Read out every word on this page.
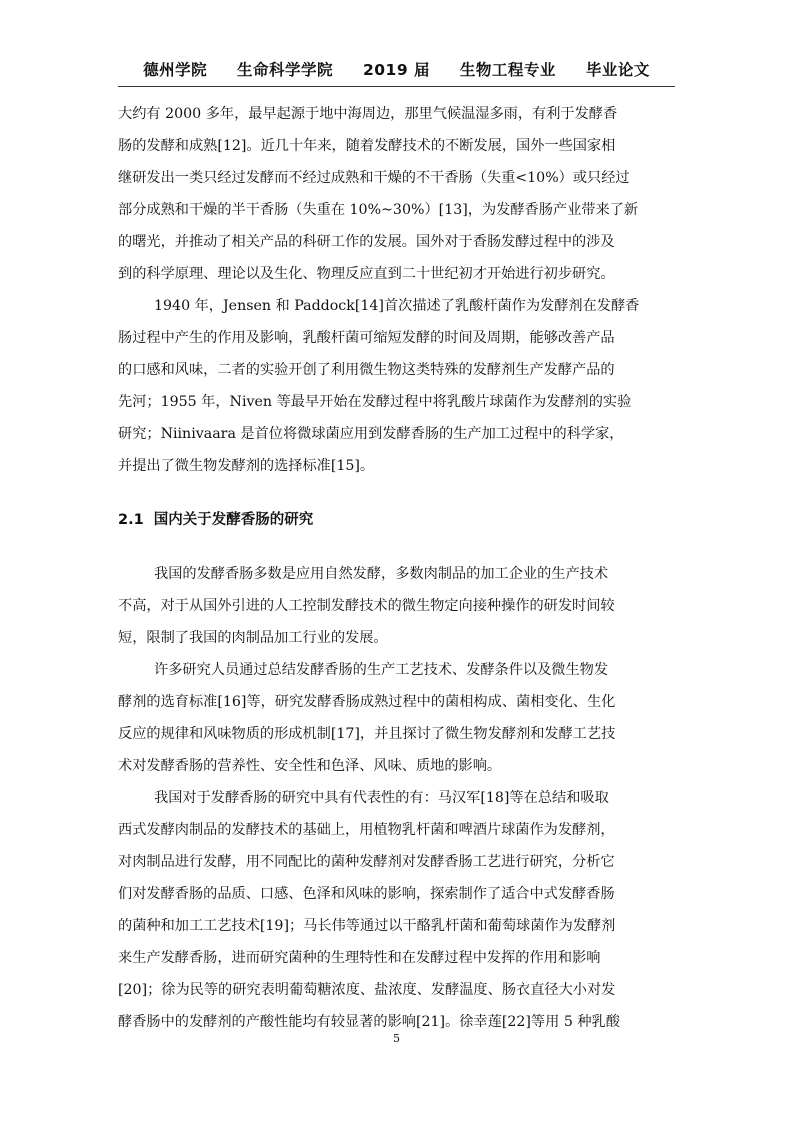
德州学院 生命科学学院 2019 届 生物工程专业 毕业论文

大约有 2000 多年，最早起源于地中海周边，那里气候温湿多雨，有利于发酵香
肠的发酵和成熟[12]。近几十年来，随着发酵技术的不断发展，国外一些国家相
继研发出一类只经过发酵而不经过成熟和干燥的不干香肠（失重<10%）或只经过
部分成熟和干燥的半干香肠（失重在 10%~30%）[13]，为发酵香肠产业带来了新
的曙光，并推动了相关产品的科研工作的发展。国外对于香肠发酵过程中的涉及
到的科学原理、理论以及生化、物理反应直到二十世纪初才开始进行初步研究。

1940 年，Jensen 和 Paddock[14]首次描述了乳酸杆菌作为发酵剂在发酵香
肠过程中产生的作用及影响，乳酸杆菌可缩短发酵的时间及周期，能够改善产品
的口感和风味，二者的实验开创了利用微生物这类特殊的发酵剂生产发酵产品的
先河；1955 年，Niven 等最早开始在发酵过程中将乳酸片球菌作为发酵剂的实验
研究；Niinivaara 是首位将微球菌应用到发酵香肠的生产加工过程中的科学家，
并提出了微生物发酵剂的选择标准[15]。

2.1 国内关于发酵香肠的研究

我国的发酵香肠多数是应用自然发酵，多数肉制品的加工企业的生产技术
不高，对于从国外引进的人工控制发酵技术的微生物定向接种操作的研发时间较
短，限制了我国的肉制品加工行业的发展。

许多研究人员通过总结发酵香肠的生产工艺技术、发酵条件以及微生物发
酵剂的选育标准[16]等，研究发酵香肠成熟过程中的菌相构成、菌相变化、生化
反应的规律和风味物质的形成机制[17]，并且探讨了微生物发酵剂和发酵工艺技
术对发酵香肠的营养性、安全性和色泽、风味、质地的影响。

我国对于发酵香肠的研究中具有代表性的有：马汉军[18]等在总结和吸取
西式发酵肉制品的发酵技术的基础上，用植物乳杆菌和啤酒片球菌作为发酵剂，
对肉制品进行发酵，用不同配比的菌种发酵剂对发酵香肠工艺进行研究，分析它
们对发酵香肠的品质、口感、色泽和风味的影响，探索制作了适合中式发酵香肠
的菌种和加工工艺技术[19]；马长伟等通过以干酪乳杆菌和葡萄球菌作为发酵剂
来生产发酵香肠，进而研究菌种的生理特性和在发酵过程中发挥的作用和影响
[20]；徐为民等的研究表明葡萄糖浓度、盐浓度、发酵温度、肠衣直径大小对发
酵香肠中的发酵剂的产酸性能均有较显著的影响[21]。徐幸莲[22]等用 5 种乳酸

5
